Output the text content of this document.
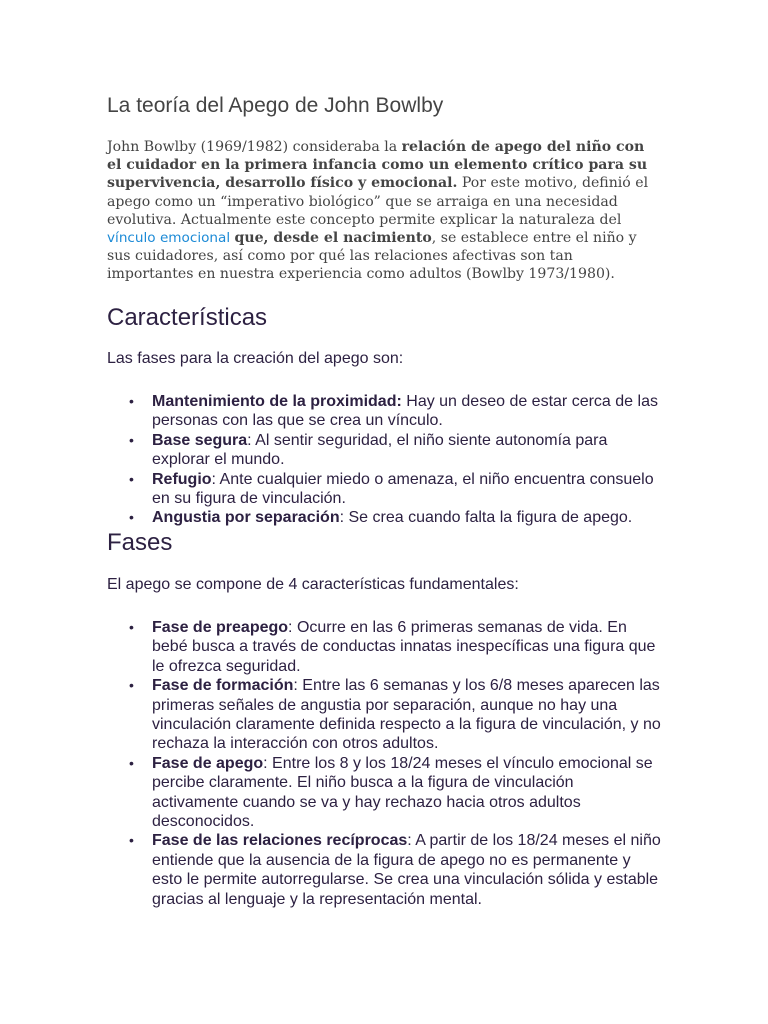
La teoría del Apego de John Bowlby

John Bowlby (1969/1982) consideraba la relación de apego del niño con el cuidador en la primera infancia como un elemento crítico para su supervivencia, desarrollo físico y emocional. Por este motivo, definió el apego como un “imperativo biológico” que se arraiga en una necesidad evolutiva. Actualmente este concepto permite explicar la naturaleza del vínculo emocional que, desde el nacimiento, se establece entre el niño y sus cuidadores, así como por qué las relaciones afectivas son tan importantes en nuestra experiencia como adultos (Bowlby 1973/1980).

Características

Las fases para la creación del apego son:

• Mantenimiento de la proximidad: Hay un deseo de estar cerca de las personas con las que se crea un vínculo.
• Base segura: Al sentir seguridad, el niño siente autonomía para explorar el mundo.
• Refugio: Ante cualquier miedo o amenaza, el niño encuentra consuelo en su figura de vinculación.
• Angustia por separación: Se crea cuando falta la figura de apego.
Fases

El apego se compone de 4 características fundamentales:

• Fase de preapego: Ocurre en las 6 primeras semanas de vida. En bebé busca a través de conductas innatas inespecíficas una figura que le ofrezca seguridad.
• Fase de formación: Entre las 6 semanas y los 6/8 meses aparecen las primeras señales de angustia por separación, aunque no hay una vinculación claramente definida respecto a la figura de vinculación, y no rechaza la interacción con otros adultos.
• Fase de apego: Entre los 8 y los 18/24 meses el vínculo emocional se percibe claramente. El niño busca a la figura de vinculación activamente cuando se va y hay rechazo hacia otros adultos desconocidos.
• Fase de las relaciones recíprocas: A partir de los 18/24 meses el niño entiende que la ausencia de la figura de apego no es permanente y esto le permite autorregularse. Se crea una vinculación sólida y estable gracias al lenguaje y la representación mental.
